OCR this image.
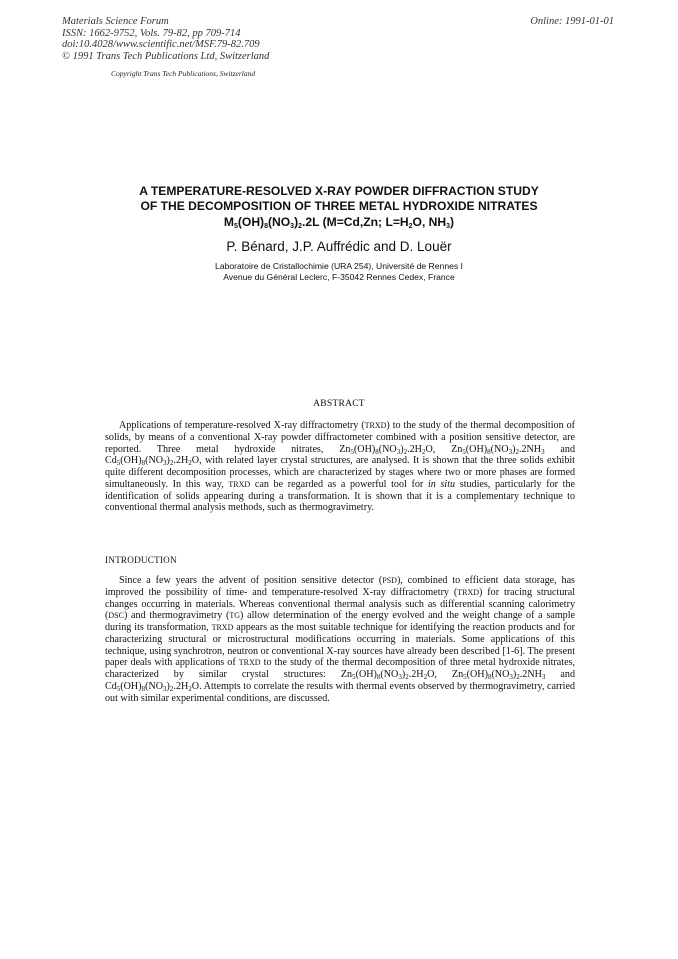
Materials Science Forum
ISSN: 1662-9752, Vols. 79-82, pp 709-714
doi:10.4028/www.scientific.net/MSF.79-82.709
© 1991 Trans Tech Publications Ltd, Switzerland
Online: 1991-01-01
Copyright Trans Tech Publications, Switzerland
A TEMPERATURE-RESOLVED X-RAY POWDER DIFFRACTION STUDY
OF THE DECOMPOSITION OF THREE METAL HYDROXIDE NITRATES
$M_5(OH)_8(NO_3)_2.2L$ (M=Cd,Zn; $L=H_2O$, $NH_3$)
P. Bénard, J.P. Auffrédic and D. Louër
Laboratoire de Cristallochimie (URA 254), Université de Rennes I
Avenue du Général Leclerc, F-35042 Rennes Cedex, France
ABSTRACT

Applications of temperature-resolved X-ray diffractometry (TRXD) to the study of the thermal decomposition of solids, by means of a conventional X-ray powder diffractometer combined with a position sensitive detector, are reported. Three metal hydroxide nitrates, $Zn_5(OH)_8(NO_3)_2.2H_2O$, $Zn_5(OH)_8(NO_3)_2.2NH_3$ and $Cd_5(OH)_8(NO_3)_2.2H_2O$, with related layer crystal structures, are analysed. It is shown that the three solids exhibit quite different decomposition processes, which are characterized by stages where two or more phases are formed simultaneously. In this way, TRXD can be regarded as a powerful tool for in situ studies, particularly for the identification of solids appearing during a transformation. It is shown that it is a complementary technique to conventional thermal analysis methods, such as thermogravimetry.

INTRODUCTION

Since a few years the advent of position sensitive detector (PSD), combined to efficient data storage, has improved the possibility of time- and temperature-resolved X-ray diffractometry (TRXD) for tracing structural changes occurring in materials. Whereas conventional thermal analysis such as differential scanning calorimetry (DSC) and thermogravimetry (TG) allow determination of the energy evolved and the weight change of a sample during its transformation, TRXD appears as the most suitable technique for identifying the reaction products and for characterizing structural or microstructural modifications occurring in materials. Some applications of this technique, using synchrotron, neutron or conventional X-ray sources have already been described [1-6]. The present paper deals with applications of TRXD to the study of the thermal decomposition of three metal hydroxide nitrates, characterized by similar crystal structures: $Zn_5(OH)_8(NO_3)_2.2H_2O$, $Zn_5(OH)_8(NO_3)_2.2NH_3$ and $Cd_5(OH)_8(NO_3)_2.2H_2O$. Attempts to correlate the results with thermal events observed by thermogravimetry, carried out with similar experimental conditions, are discussed.
